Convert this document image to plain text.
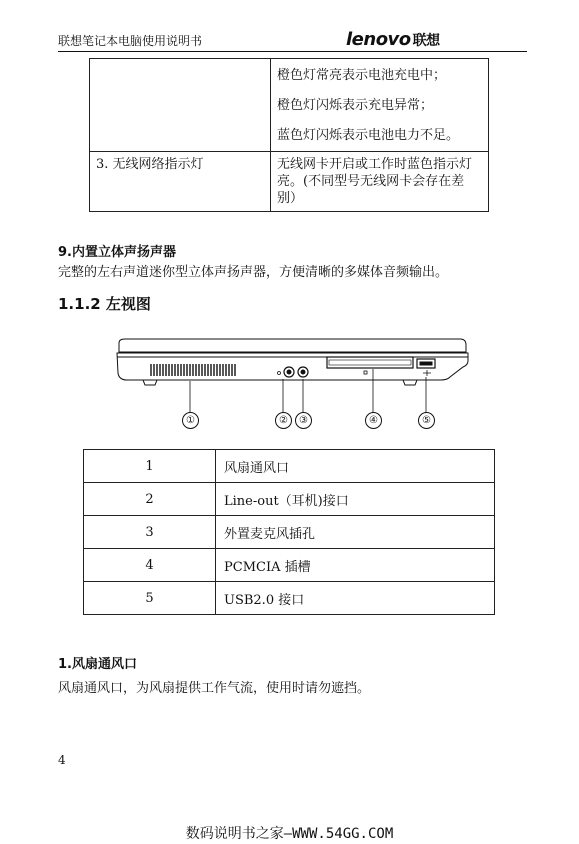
联想笔记本电脑使用说明书	lenovo 联想

	橙色灯常亮表示电池充电中；
橙色灯闪烁表示充电异常；
蓝色灯闪烁表示电池电力不足。

3. 无线网络指示灯	无线网卡开启或工作时蓝色指示灯亮。(不同型号无线网卡会存在差别）
9.内置立体声扬声器
完整的左右声道迷你型立体声扬声器，方便清晰的多媒体音频输出。
1.1.2 左视图
①	②	③	④	⑤
1	风扇通风口
2	Line-out（耳机)接口
3	外置麦克风插孔
4	PCMCIA 插槽
5	USB2.0 接口
1.风扇通风口
风扇通风口，为风扇提供工作气流，使用时请勿遮挡。
4
数码说明书之家—WWW.54GG.COM
